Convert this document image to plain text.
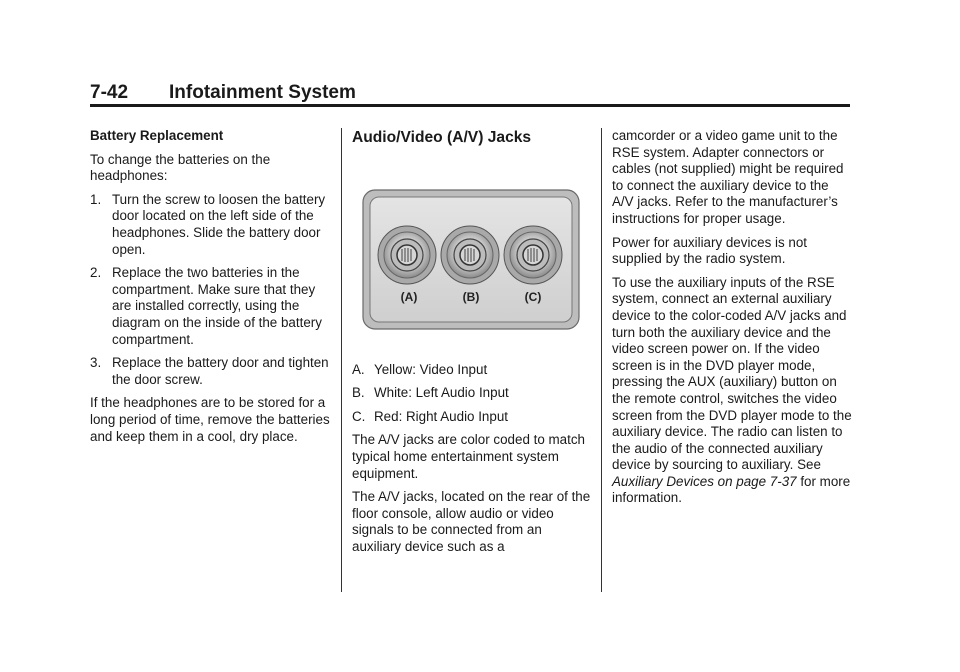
7-42 Infotainment System
Battery Replacement
To change the batteries on the headphones:
1. Turn the screw to loosen the battery door located on the left side of the headphones. Slide the battery door open.
2. Replace the two batteries in the compartment. Make sure that they are installed correctly, using the diagram on the inside of the battery compartment.
3. Replace the battery door and tighten the door screw.
If the headphones are to be stored for a long period of time, remove the batteries and keep them in a cool, dry place.
Audio/Video (A/V) Jacks
A. Yellow: Video Input
B. White: Left Audio Input
C. Red: Right Audio Input
The A/V jacks are color coded to match typical home entertainment system equipment.
The A/V jacks, located on the rear of the floor console, allow audio or video signals to be connected from an auxiliary device such as a
(A)	(B)	(C)
camcorder or a video game unit to the RSE system. Adapter connectors or cables (not supplied) might be required to connect the auxiliary device to the A/V jacks. Refer to the manufacturer’s instructions for proper usage.
Power for auxiliary devices is not supplied by the radio system.
To use the auxiliary inputs of the RSE system, connect an external auxiliary device to the color-coded A/V jacks and turn both the auxiliary device and the video screen power on. If the video screen is in the DVD player mode, pressing the AUX (auxiliary) button on the remote control, switches the video screen from the DVD player mode to the auxiliary device. The radio can listen to the audio of the connected auxiliary device by sourcing to auxiliary. See Auxiliary Devices on page 7-37 for more information.
